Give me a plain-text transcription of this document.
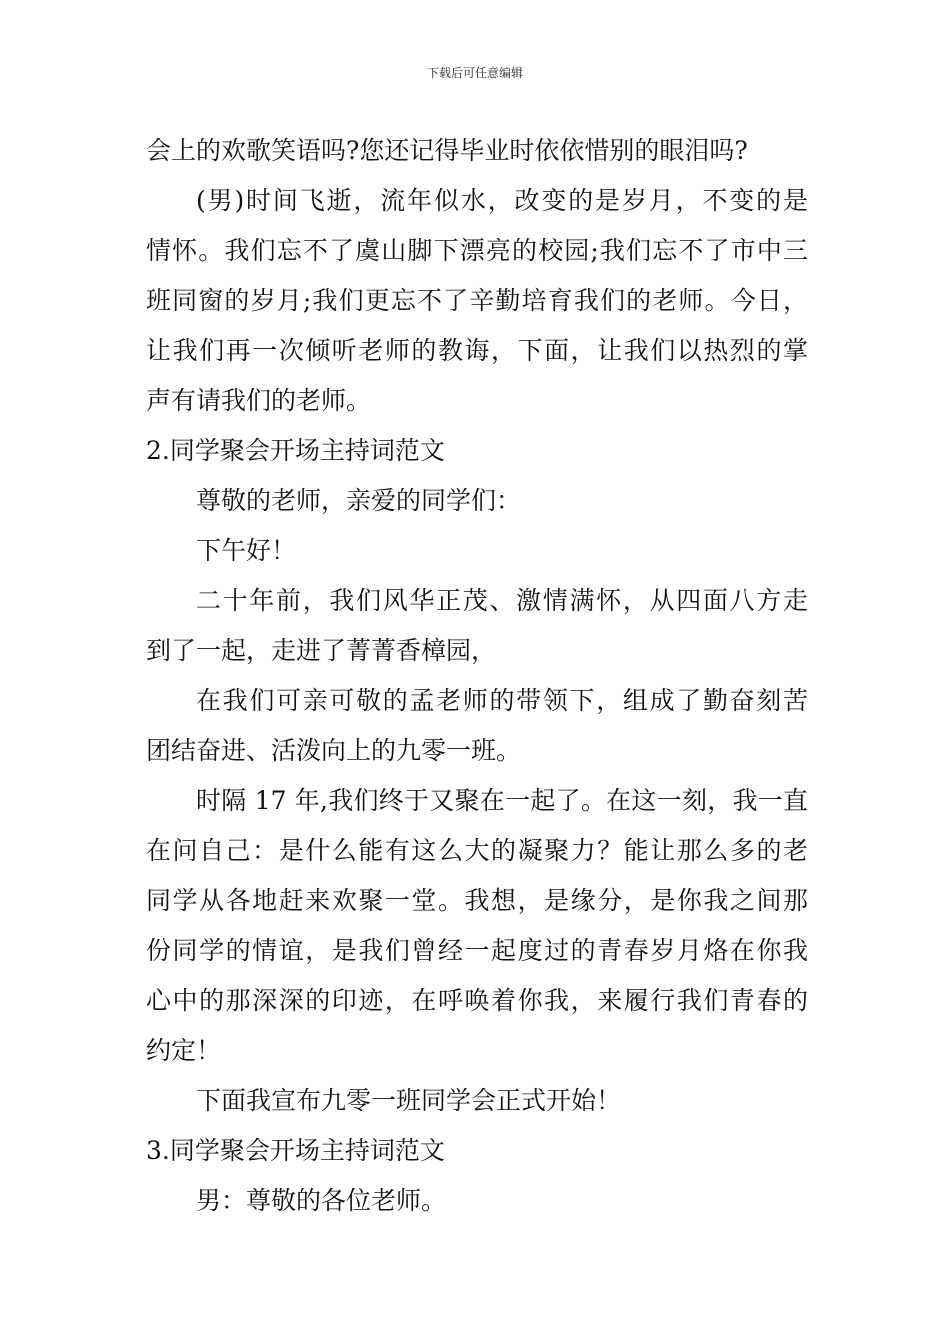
下载后可任意编辑
会上的欢歌笑语吗?您还记得毕业时依依惜别的眼泪吗?
(男)时间飞逝，流年似水，改变的是岁月，不变的是
情怀。我们忘不了虞山脚下漂亮的校园;我们忘不了市中三
班同窗的岁月;我们更忘不了辛勤培育我们的老师。今日，
让我们再一次倾听老师的教诲，下面，让我们以热烈的掌
声有请我们的老师。
2.同学聚会开场主持词范文
尊敬的老师，亲爱的同学们：
下午好！
二十年前，我们风华正茂、激情满怀，从四面八方走
到了一起，走进了菁菁香樟园，
在我们可亲可敬的孟老师的带领下，组成了勤奋刻苦
团结奋进、活泼向上的九零一班。
时隔 17 年,我们终于又聚在一起了。在这一刻，我一直
在问自己：是什么能有这么大的凝聚力？能让那么多的老
同学从各地赶来欢聚一堂。我想，是缘分，是你我之间那
份同学的情谊，是我们曾经一起度过的青春岁月烙在你我
心中的那深深的印迹，在呼唤着你我，来履行我们青春的
约定！
下面我宣布九零一班同学会正式开始！
3.同学聚会开场主持词范文
男：尊敬的各位老师。
